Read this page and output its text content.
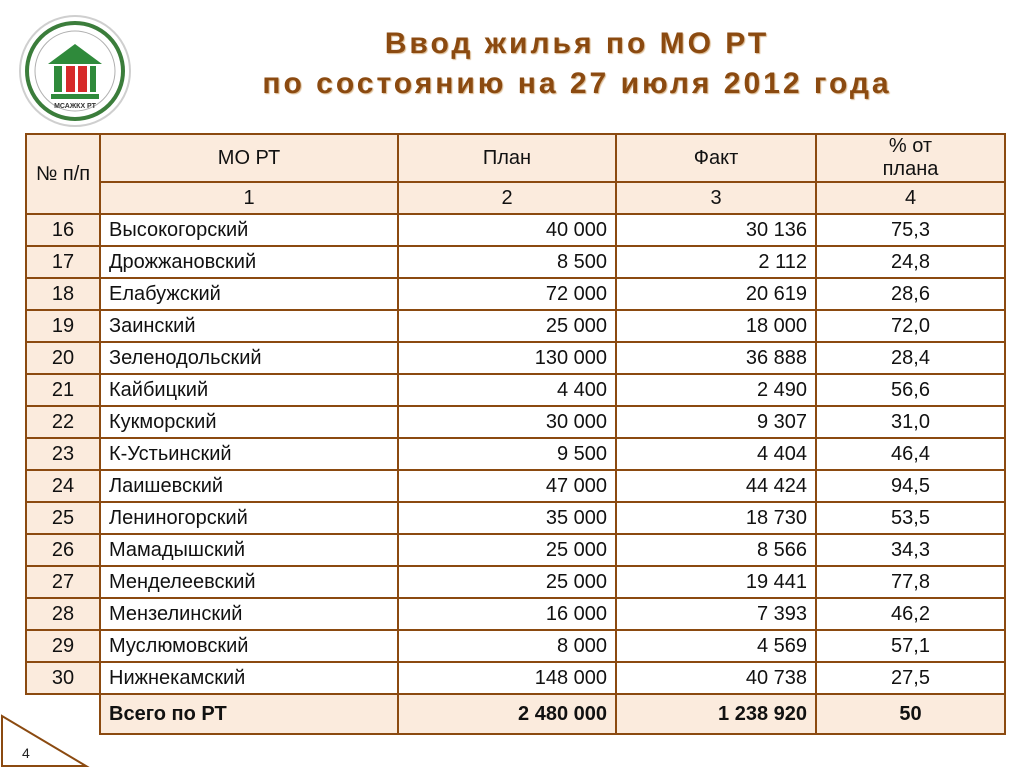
МСАЖКХ РТ
Ввод жилья по МО РТ
по состоянию на 27 июля 2012 года
№ п/п	МО РТ	План	Факт	% от плана
	1	2	3	4
16	Высокогорский	40 000	30 136	75,3
17	Дрожжановский	8 500	2 112	24,8
18	Елабужский	72 000	20 619	28,6
19	Заинский	25 000	18 000	72,0
20	Зеленодольский	130 000	36 888	28,4
21	Кайбицкий	4 400	2 490	56,6
22	Кукморский	30 000	9 307	31,0
23	К-Устьинский	9 500	4 404	46,4
24	Лаишевский	47 000	44 424	94,5
25	Лениногорский	35 000	18 730	53,5
26	Мамадышский	25 000	8 566	34,3
27	Менделеевский	25 000	19 441	77,8
28	Мензелинский	16 000	7 393	46,2
29	Муслюмовский	8 000	4 569	57,1
30	Нижнекамский	148 000	40 738	27,5
	Всего по РТ	2 480 000	1 238 920	50
4
